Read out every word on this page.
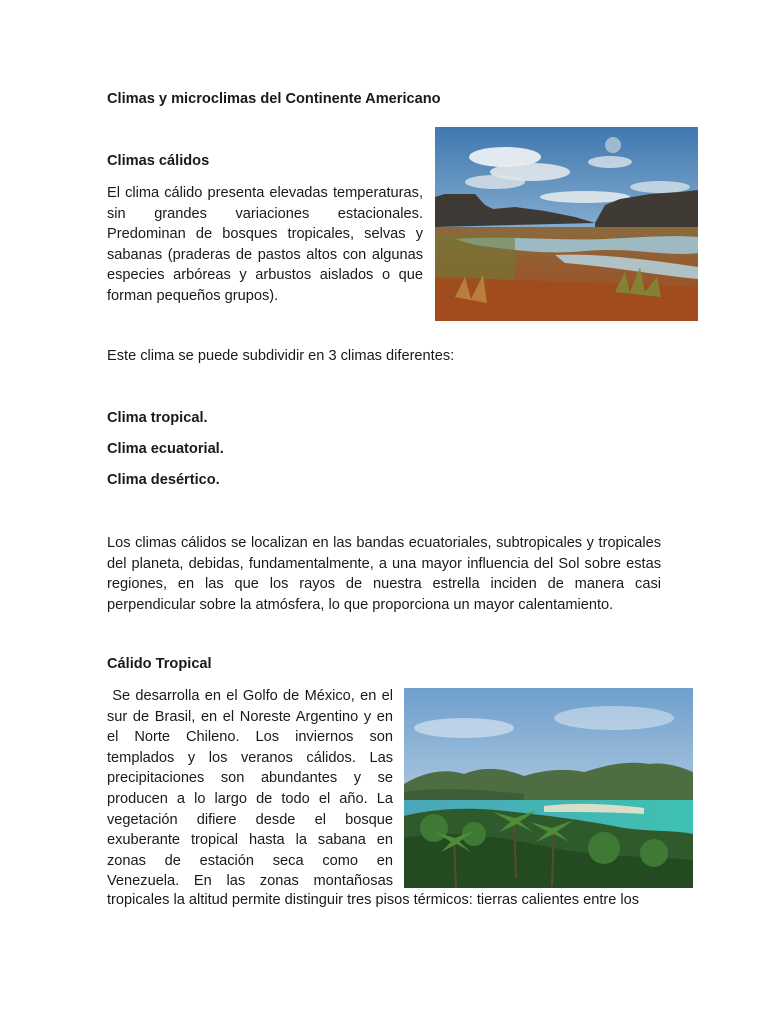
Climas y microclimas del Continente Americano
Climas cálidos
El clima cálido presenta elevadas temperaturas,
sin grandes variaciones estacionales.
Predominan de bosques tropicales, selvas y
sabanas (praderas de pastos altos con algunas
especies arbóreas y arbustos aislados o que
forman pequeños grupos).
Este clima se puede subdividir en 3 climas diferentes:
Clima tropical.
Clima ecuatorial.
Clima desértico.
Los climas cálidos se localizan en las bandas ecuatoriales, subtropicales y tropicales
del planeta, debidas, fundamentalmente, a una mayor influencia del Sol sobre estas
regiones, en las que los rayos de nuestra estrella inciden de manera casi
perpendicular sobre la atmósfera, lo que proporciona un mayor calentamiento.
Cálido Tropical
Se desarrolla en el Golfo de México, en el
sur de Brasil, en el Noreste Argentino y en
el Norte Chileno. Los inviernos son
templados y los veranos cálidos. Las
precipitaciones son abundantes y se
producen a lo largo de todo el año. La
vegetación difiere desde el bosque
exuberante tropical hasta la sabana en
zonas de estación seca como en
Venezuela. En las zonas montañosas
tropicales la altitud permite distinguir tres pisos térmicos: tierras calientes entre los
